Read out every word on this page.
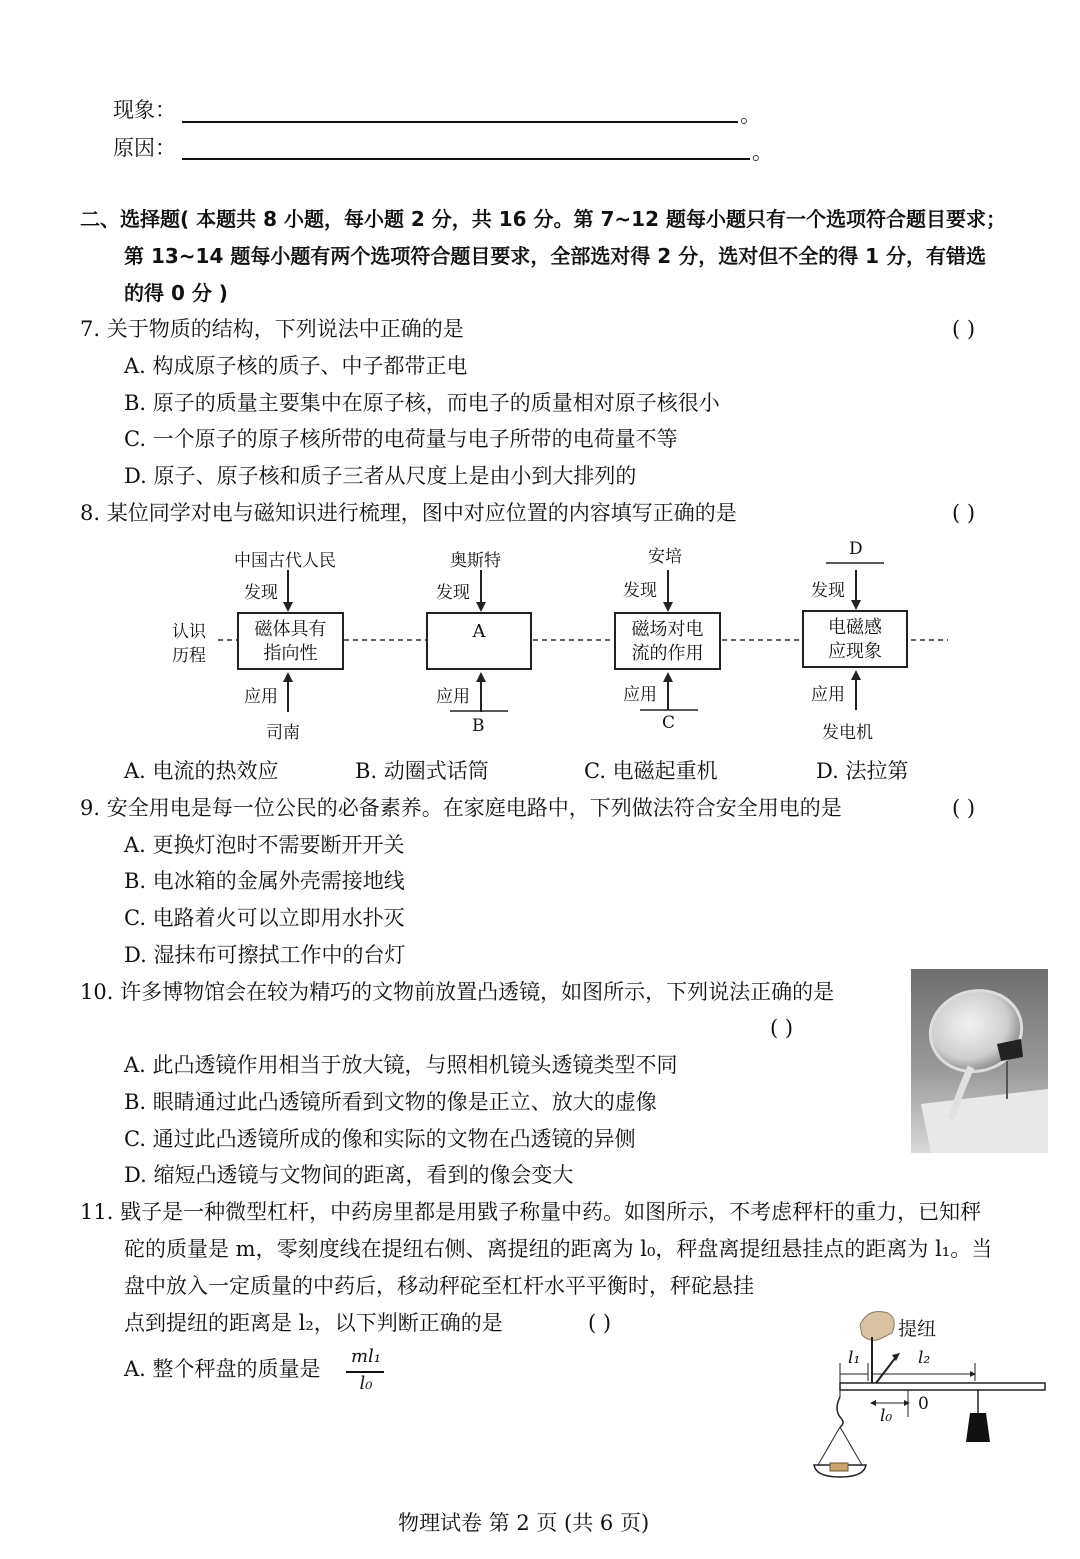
现象：	。
原因：	。
二、选择题( 本题共 8 小题，每小题 2 分，共 16 分。第 7~12 题每小题只有一个选项符合题目要求；
第 13~14 题每小题有两个选项符合题目要求，全部选对得 2 分，选对但不全的得 1 分，有错选
的得 0 分 )
7. 关于物质的结构，下列说法中正确的是	( )
A. 构成原子核的质子、中子都带正电
B. 原子的质量主要集中在原子核，而电子的质量相对原子核很小
C. 一个原子的原子核所带的电荷量与电子所带的电荷量不等
D. 原子、原子核和质子三者从尺度上是由小到大排列的
8. 某位同学对电与磁知识进行梳理，图中对应位置的内容填写正确的是	( )
认识
历程
中国古代人民	奥斯特	安培	D
发现	发现	发现	发现
磁体具有
指向性
A	磁场对电
流的作用
电磁感
应现象
应用	应用	应用	应用
司南	B	C	发电机
A. 电流的热效应	B. 动圈式话筒	C. 电磁起重机	D. 法拉第
9. 安全用电是每一位公民的必备素养。在家庭电路中，下列做法符合安全用电的是	( )
A. 更换灯泡时不需要断开开关
B. 电冰箱的金属外壳需接地线
C. 电路着火可以立即用水扑灭
D. 湿抹布可擦拭工作中的台灯
10. 许多博物馆会在较为精巧的文物前放置凸透镜，如图所示，下列说法正确的是
( )
A. 此凸透镜作用相当于放大镜，与照相机镜头透镜类型不同
B. 眼睛通过此凸透镜所看到文物的像是正立、放大的虚像
C. 通过此凸透镜所成的像和实际的文物在凸透镜的异侧
D. 缩短凸透镜与文物间的距离，看到的像会变大
11. 戥子是一种微型杠杆，中药房里都是用戥子称量中药。如图所示，不考虑秤杆的重力，已知秤
砣的质量是 m，零刻度线在提纽右侧、离提纽的距离为 l₀，秤盘离提纽悬挂点的距离为 l₁。当
盘中放入一定质量的中药后，移动秤砣至杠杆水平平衡时，秤砣悬挂
点到提纽的距离是 l₂，以下判断正确的是	( )
A. 整个秤盘的质量是
ml₁
l₀
提纽
l₁	l₂
0
l₀
物理试卷 第 2 页 (共 6 页)
